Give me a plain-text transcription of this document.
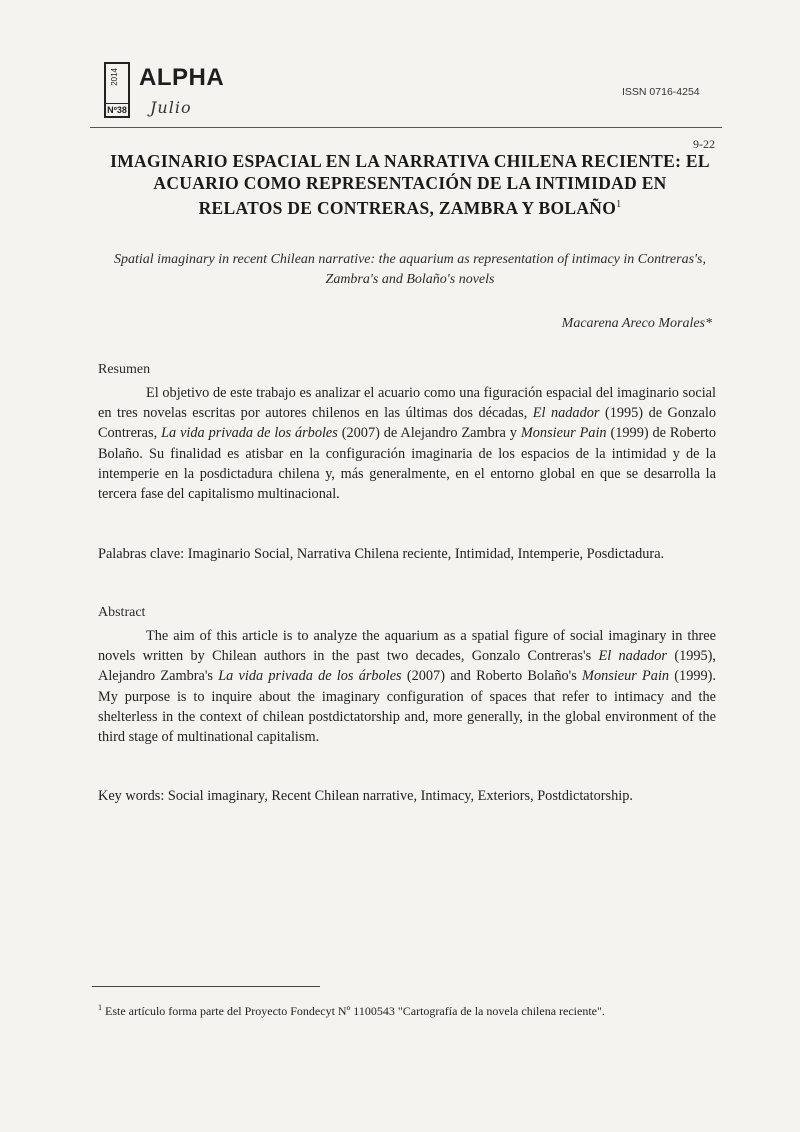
2014
Nº38
ALPHA
Julio
ISSN 0716-4254
9-22
IMAGINARIO ESPACIAL EN LA NARRATIVA CHILENA RECIENTE: EL ACUARIO COMO REPRESENTACIÓN DE LA INTIMIDAD EN RELATOS DE CONTRERAS, ZAMBRA Y BOLAÑO$^1$
Spatial imaginary in recent Chilean narrative: the aquarium as representation of intimacy in Contreras's, Zambra's and Bolaño's novels
Macarena Areco Morales*
Resumen
El objetivo de este trabajo es analizar el acuario como una figuración espacial del imaginario social en tres novelas escritas por autores chilenos en las últimas dos décadas, El nadador (1995) de Gonzalo Contreras, La vida privada de los árboles (2007) de Alejandro Zambra y Monsieur Pain (1999) de Roberto Bolaño. Su finalidad es atisbar en la configuración imaginaria de los espacios de la intimidad y de la intemperie en la posdictadura chilena y, más generalmente, en el entorno global en que se desarrolla la tercera fase del capitalismo multinacional.
Palabras clave: Imaginario Social, Narrativa Chilena reciente, Intimidad, Intemperie, Posdictadura.
Abstract
The aim of this article is to analyze the aquarium as a spatial figure of social imaginary in three novels written by Chilean authors in the past two decades, Gonzalo Contreras's El nadador (1995), Alejandro Zambra's La vida privada de los árboles (2007) and Roberto Bolaño's Monsieur Pain (1999). My purpose is to inquire about the imaginary configuration of spaces that refer to intimacy and the shelterless in the context of chilean postdictatorship and, more generally, in the global environment of the third stage of multinational capitalism.
Key words: Social imaginary, Recent Chilean narrative, Intimacy, Exteriors, Postdictatorship.
$^1$ Este artículo forma parte del Proyecto Fondecyt Nº 1100543 "Cartografía de la novela chilena reciente".
